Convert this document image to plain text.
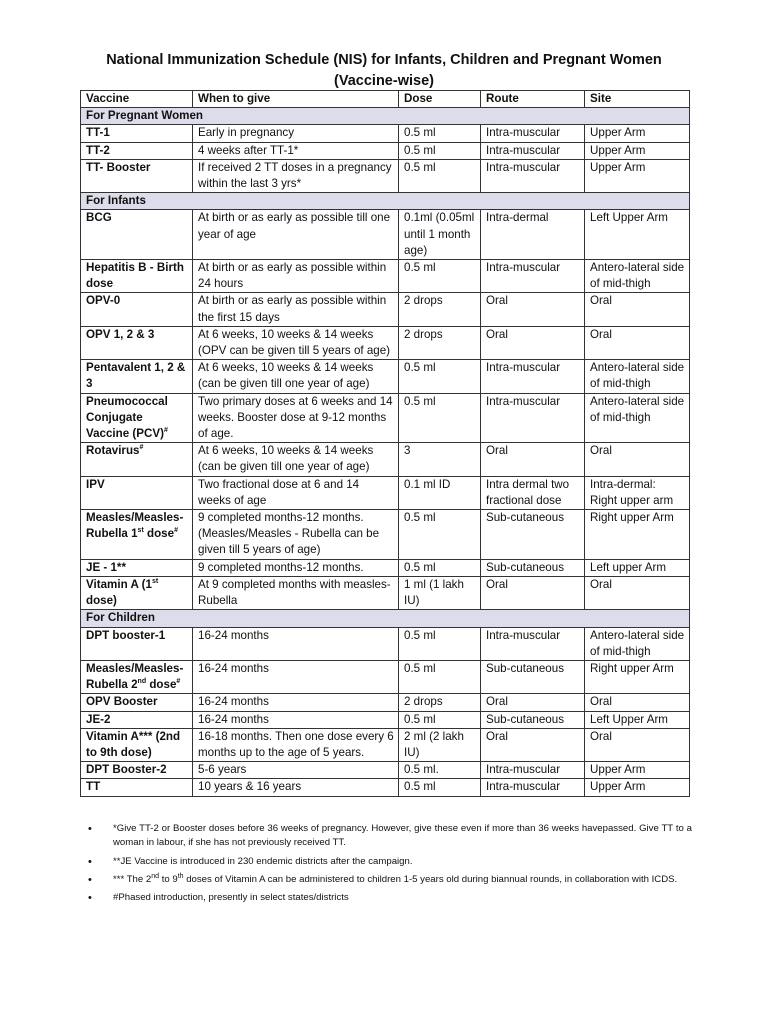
National Immunization Schedule (NIS) for Infants, Children and Pregnant Women
(Vaccine-wise)
Vaccine	When to give	Dose	Route	Site
For Pregnant Women				
TT-1	Early in pregnancy	0.5 ml	Intra-muscular	Upper Arm
TT-2	4 weeks after TT-1*	0.5 ml	Intra-muscular	Upper Arm
TT- Booster	If received 2 TT doses in a pregnancy within the last 3 yrs*	0.5 ml	Intra-muscular	Upper Arm
For Infants				
BCG	At birth or as early as possible till one year of age	0.1ml (0.05ml until 1 month age)	Intra-dermal	Left Upper Arm
Hepatitis B - Birth dose	At birth or as early as possible within 24 hours	0.5 ml	Intra-muscular	Antero-lateral side of mid-thigh
OPV-0	At birth or as early as possible within the first 15 days	2 drops	Oral	Oral
OPV 1, 2 & 3	At 6 weeks, 10 weeks & 14 weeks (OPV can be given till 5 years of age)	2 drops	Oral	Oral
Pentavalent 1, 2 & 3	At 6 weeks, 10 weeks & 14 weeks (can be given till one year of age)	0.5 ml	Intra-muscular	Antero-lateral side of mid-thigh
Pneumococcal Conjugate Vaccine (PCV)#	Two primary doses at 6 weeks and 14 weeks. Booster dose at 9-12 months of age.	0.5 ml	Intra-muscular	Antero-lateral side of mid-thigh
Rotavirus#	At 6 weeks, 10 weeks & 14 weeks (can be given till one year of age)	3	Oral	Oral
IPV	Two fractional dose at 6 and 14 weeks of age	0.1 ml ID	Intra dermal two fractional dose	Intra-dermal: Right upper arm
Measles/Measles-Rubella 1st dose#	9 completed months-12 months. (Measles/Measles - Rubella can be given till 5 years of age)	0.5 ml	Sub-cutaneous	Right upper Arm
JE - 1**	9 completed months-12 months.	0.5 ml	Sub-cutaneous	Left upper Arm
Vitamin A (1st dose)	At 9 completed months with measles-Rubella	1 ml (1 lakh IU)	Oral	Oral
For Children				
DPT booster-1	16-24 months	0.5 ml	Intra-muscular	Antero-lateral side of mid-thigh
Measles/Measles-Rubella 2nd dose#	16-24 months	0.5 ml	Sub-cutaneous	Right upper Arm
OPV Booster	16-24 months	2 drops	Oral	Oral
JE-2	16-24 months	0.5 ml	Sub-cutaneous	Left Upper Arm
Vitamin A*** (2nd to 9th dose)	16-18 months. Then one dose every 6 months up to the age of 5 years.	2 ml (2 lakh IU)	Oral	Oral
DPT Booster-2	5-6 years	0.5 ml.	Intra-muscular	Upper Arm
TT	10 years & 16 years	0.5 ml	Intra-muscular	Upper Arm
• *Give TT-2 or Booster doses before 36 weeks of pregnancy. However, give these even if more than 36 weeks havepassed. Give TT to a woman in labour, if she has not previously received TT.
• **JE Vaccine is introduced in 230 endemic districts after the campaign.
• *** The 2nd to 9th doses of Vitamin A can be administered to children 1-5 years old during biannual rounds, in collaboration with ICDS.
• #Phased introduction, presently in select states/districts
